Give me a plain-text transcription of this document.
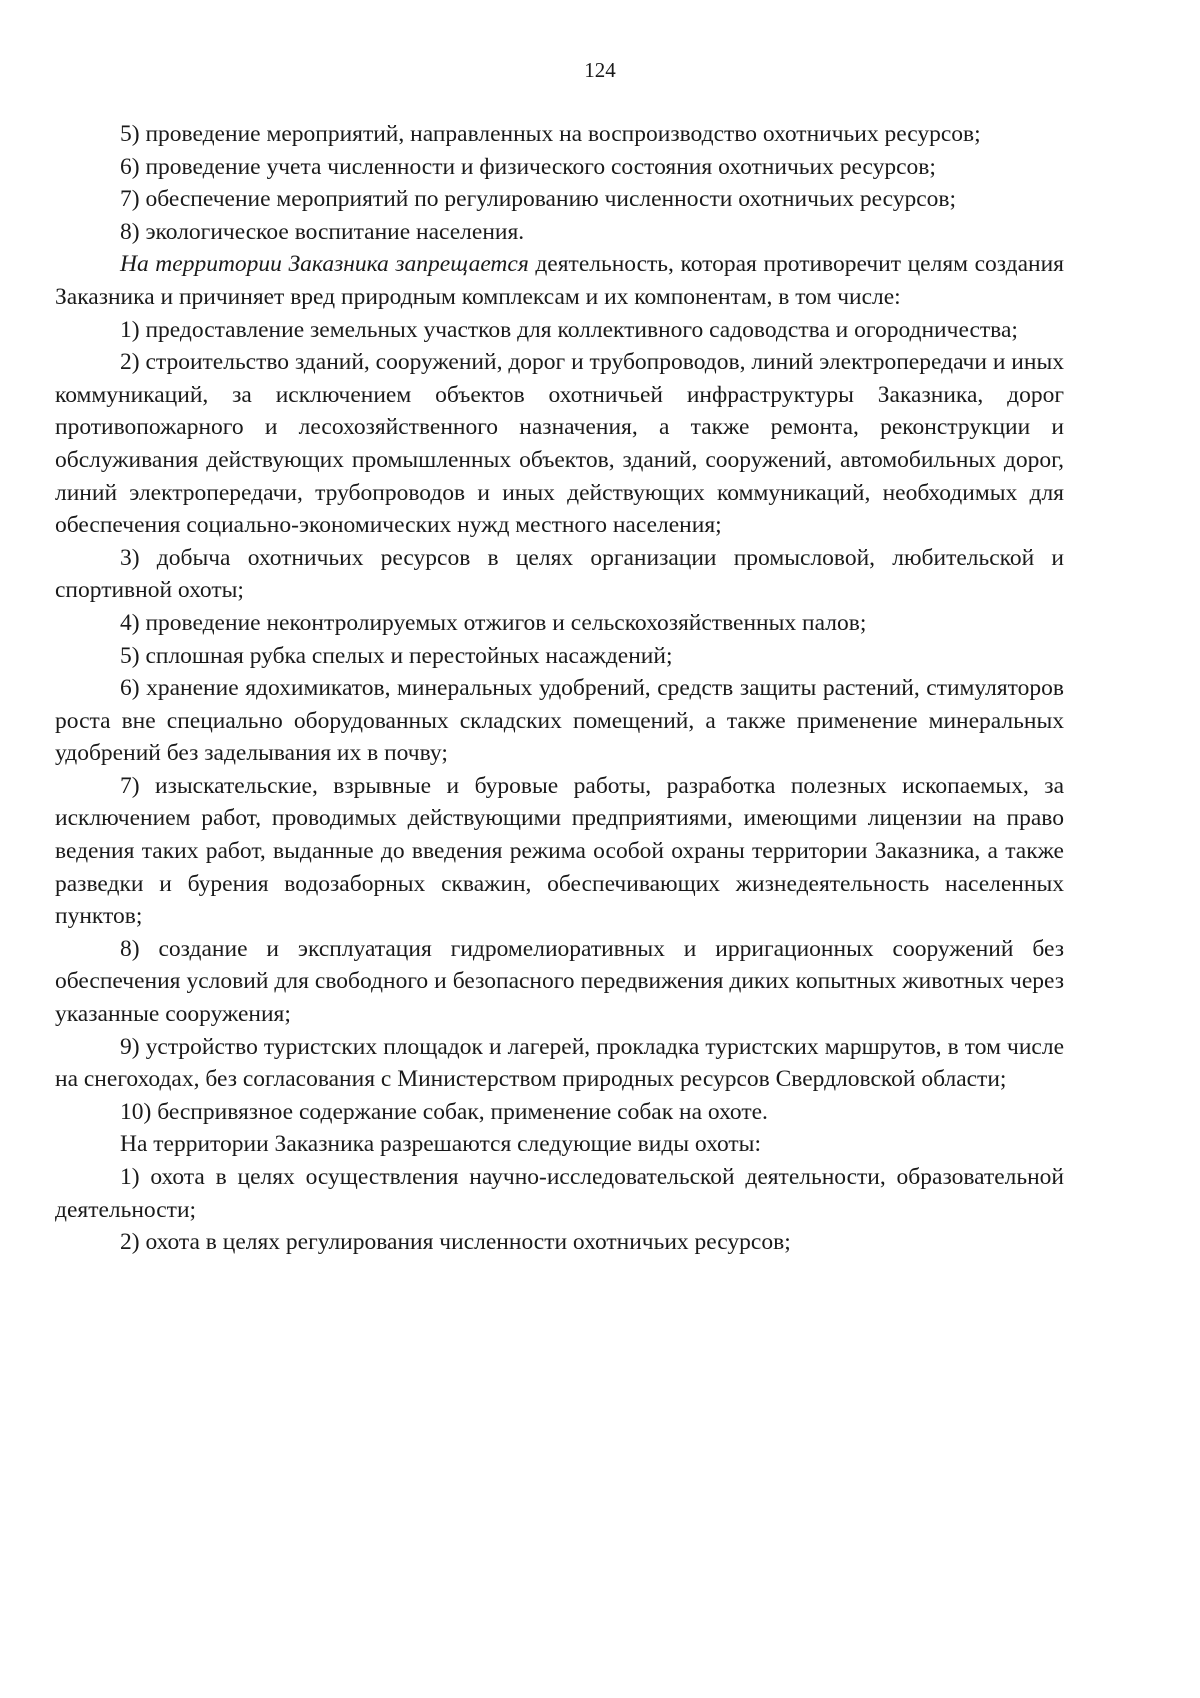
124

5) проведение мероприятий, направленных на воспроизводство охотничьих ресурсов;

6) проведение учета численности и физического состояния охотничьих ресурсов;

7) обеспечение мероприятий по регулированию численности охотничьих ресурсов;

8) экологическое воспитание населения.

На территории Заказника запрещается деятельность, которая противоречит целям создания Заказника и причиняет вред природным комплексам и их компонентам, в том числе:

1) предоставление земельных участков для коллективного садоводства и огородничества;

2) строительство зданий, сооружений, дорог и трубопроводов, линий электропередачи и иных коммуникаций, за исключением объектов охотничьей инфраструктуры Заказника, дорог противопожарного и лесохозяйственного назначения, а также ремонта, реконструкции и обслуживания действующих промышленных объектов, зданий, сооружений, автомобильных дорог, линий электропередачи, трубопроводов и иных действующих коммуникаций, необходимых для обеспечения социально-экономических нужд местного населения;

3) добыча охотничьих ресурсов в целях организации промысловой, любительской и спортивной охоты;

4) проведение неконтролируемых отжигов и сельскохозяйственных палов;

5) сплошная рубка спелых и перестойных насаждений;

6) хранение ядохимикатов, минеральных удобрений, средств защиты растений, стимуляторов роста вне специально оборудованных складских помещений, а также применение минеральных удобрений без заделывания их в почву;

7) изыскательские, взрывные и буровые работы, разработка полезных ископаемых, за исключением работ, проводимых действующими предприятиями, имеющими лицензии на право ведения таких работ, выданные до введения режима особой охраны территории Заказника, а также разведки и бурения водозаборных скважин, обеспечивающих жизнедеятельность населенных пунктов;

8) создание и эксплуатация гидромелиоративных и ирригационных сооружений без обеспечения условий для свободного и безопасного передвижения диких копытных животных через указанные сооружения;

9) устройство туристских площадок и лагерей, прокладка туристских маршрутов, в том числе на снегоходах, без согласования с Министерством природных ресурсов Свердловской области;

10) беспривязное содержание собак, применение собак на охоте.

На территории Заказника разрешаются следующие виды охоты:

1) охота в целях осуществления научно-исследовательской деятельности, образовательной деятельности;

2) охота в целях регулирования численности охотничьих ресурсов;
